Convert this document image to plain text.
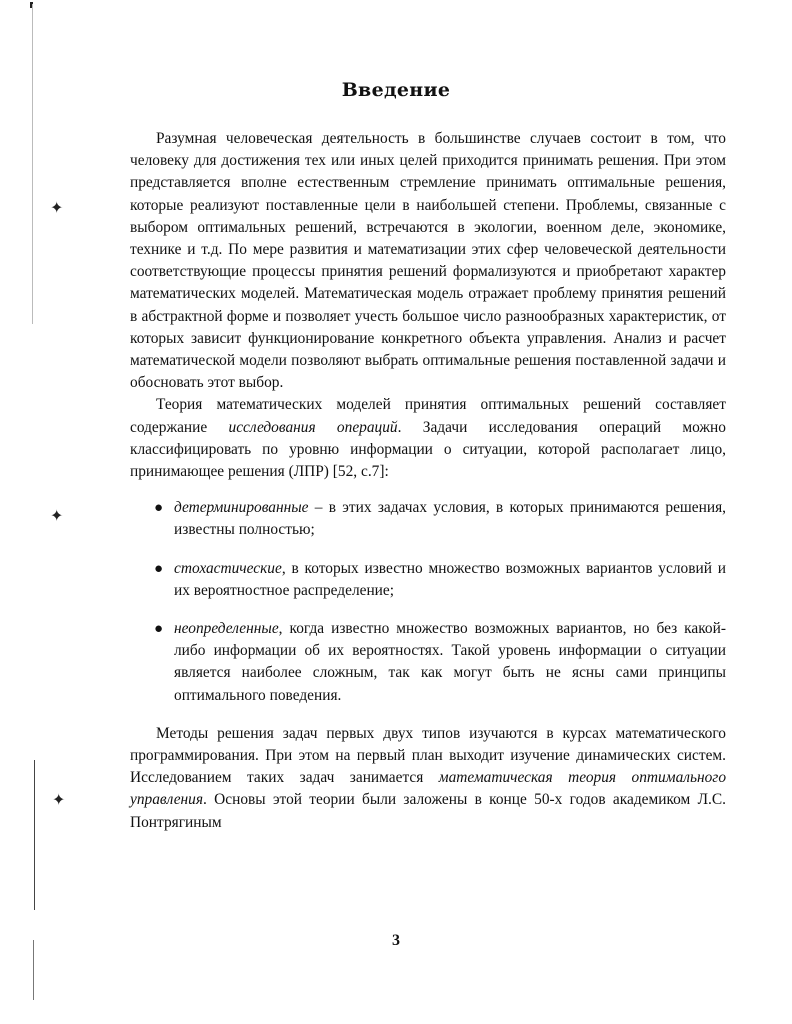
✦
✦
✦
Введение

Разумная человеческая деятельность в большинстве случаев состоит в том, что человеку для достижения тех или иных целей приходится принимать решения. При этом представляется вполне естественным стремление принимать оптимальные решения, которые реализуют поставленные цели в наибольшей степени. Проблемы, связанные с выбором оптимальных решений, встречаются в экологии, военном деле, экономике, технике и т.д. По мере развития и математизации этих сфер человеческой деятельности соответствующие процессы принятия решений формализуются и приобретают характер математических моделей. Математическая модель отражает проблему принятия решений в абстрактной форме и позволяет учесть большое число разнообразных характеристик, от которых зависит функционирование конкретного объекта управления. Анализ и расчет математической модели позволяют выбрать оптимальные решения поставленной задачи и обосновать этот выбор.

Теория математических моделей принятия оптимальных решений составляет содержание исследования операций. Задачи исследования операций можно классифицировать по уровню информации о ситуации, которой располагает лицо, принимающее решения (ЛПР) [52, с.7]:

● детерминированные – в этих задачах условия, в которых принимаются решения, известны полностью;
● стохастические, в которых известно множество возможных вариантов условий и их вероятностное распределение;
● неопределенные, когда известно множество возможных вариантов, но без какой-либо информации об их вероятностях. Такой уровень информации о ситуации является наиболее сложным, так как могут быть не ясны сами принципы оптимального поведения.

Методы решения задач первых двух типов изучаются в курсах математического программирования. При этом на первый план выходит изучение динамических систем. Исследованием таких задач занимается математическая теория оптимального управления. Основы этой теории были заложены в конце 50-х годов академиком Л.С. Понтрягиным

3
